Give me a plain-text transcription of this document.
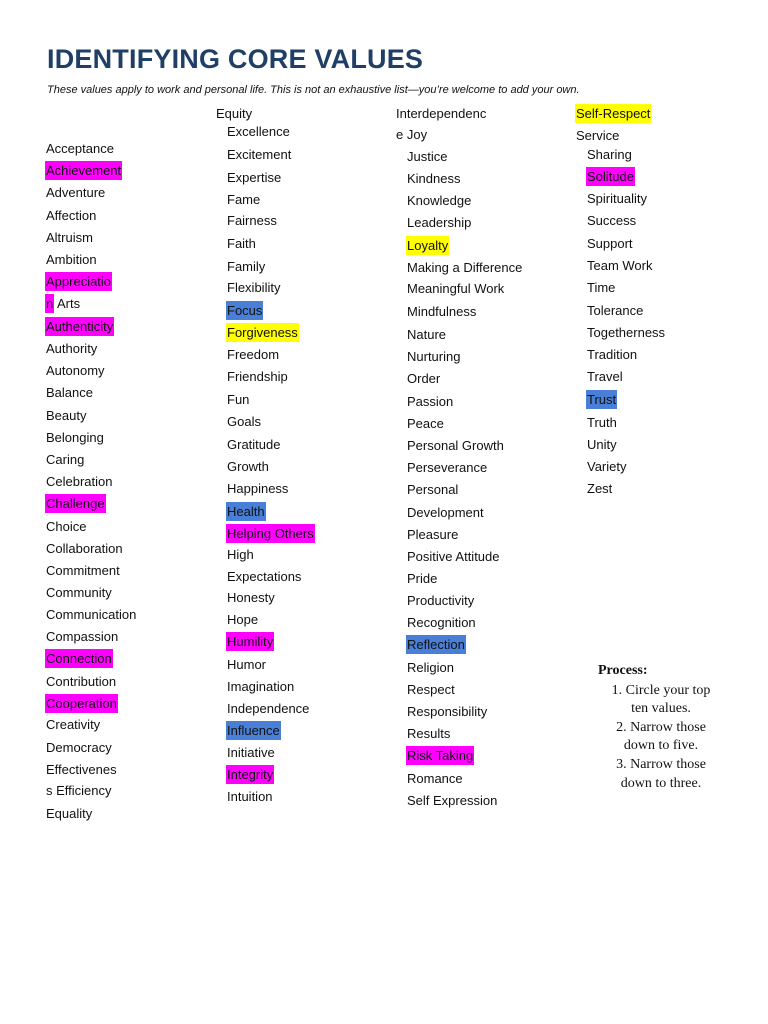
IDENTIFYING CORE VALUES

These values apply to work and personal life. This is not an exhaustive list—you’re welcome to add your own.

Acceptance
Achievement
Adventure
Affection
Altruism
Ambition
Appreciatio
n Arts
Authenticity
Authority
Autonomy
Balance
Beauty
Belonging
Caring
Celebration
Challenge
Choice
Collaboration
Commitment
Community
Communication
Compassion
Connection
Contribution
Cooperation
Creativity
Democracy
Effectivenes
s Efficiency
Equality
Equity
Excellence
Excitement
Expertise
Fame
Fairness
Faith
Family
Flexibility
Focus
Forgiveness
Freedom
Friendship
Fun
Goals
Gratitude
Growth
Happiness
Health
Helping Others
High
Expectations
Honesty
Hope
Humility
Humor
Imagination
Independence
Influence
Initiative
Integrity
Intuition
Interdependenc
e Joy
Justice
Kindness
Knowledge
Leadership
Loyalty
Making a Difference
Meaningful Work
Mindfulness
Nature
Nurturing
Order
Passion
Peace
Personal Growth
Perseverance
Personal
Development
Pleasure
Positive Attitude
Pride
Productivity
Recognition
Reflection
Religion
Respect
Responsibility
Results
Risk Taking
Romance
Self Expression
Self-Respect
Service
Sharing
Solitude
Spirituality
Success
Support
Team Work
Time
Tolerance
Togetherness
Tradition
Travel
Trust
Truth
Unity
Variety
Zest
Process:
1. Circle your top
ten values.
2. Narrow those
down to five.
3. Narrow those
down to three.
